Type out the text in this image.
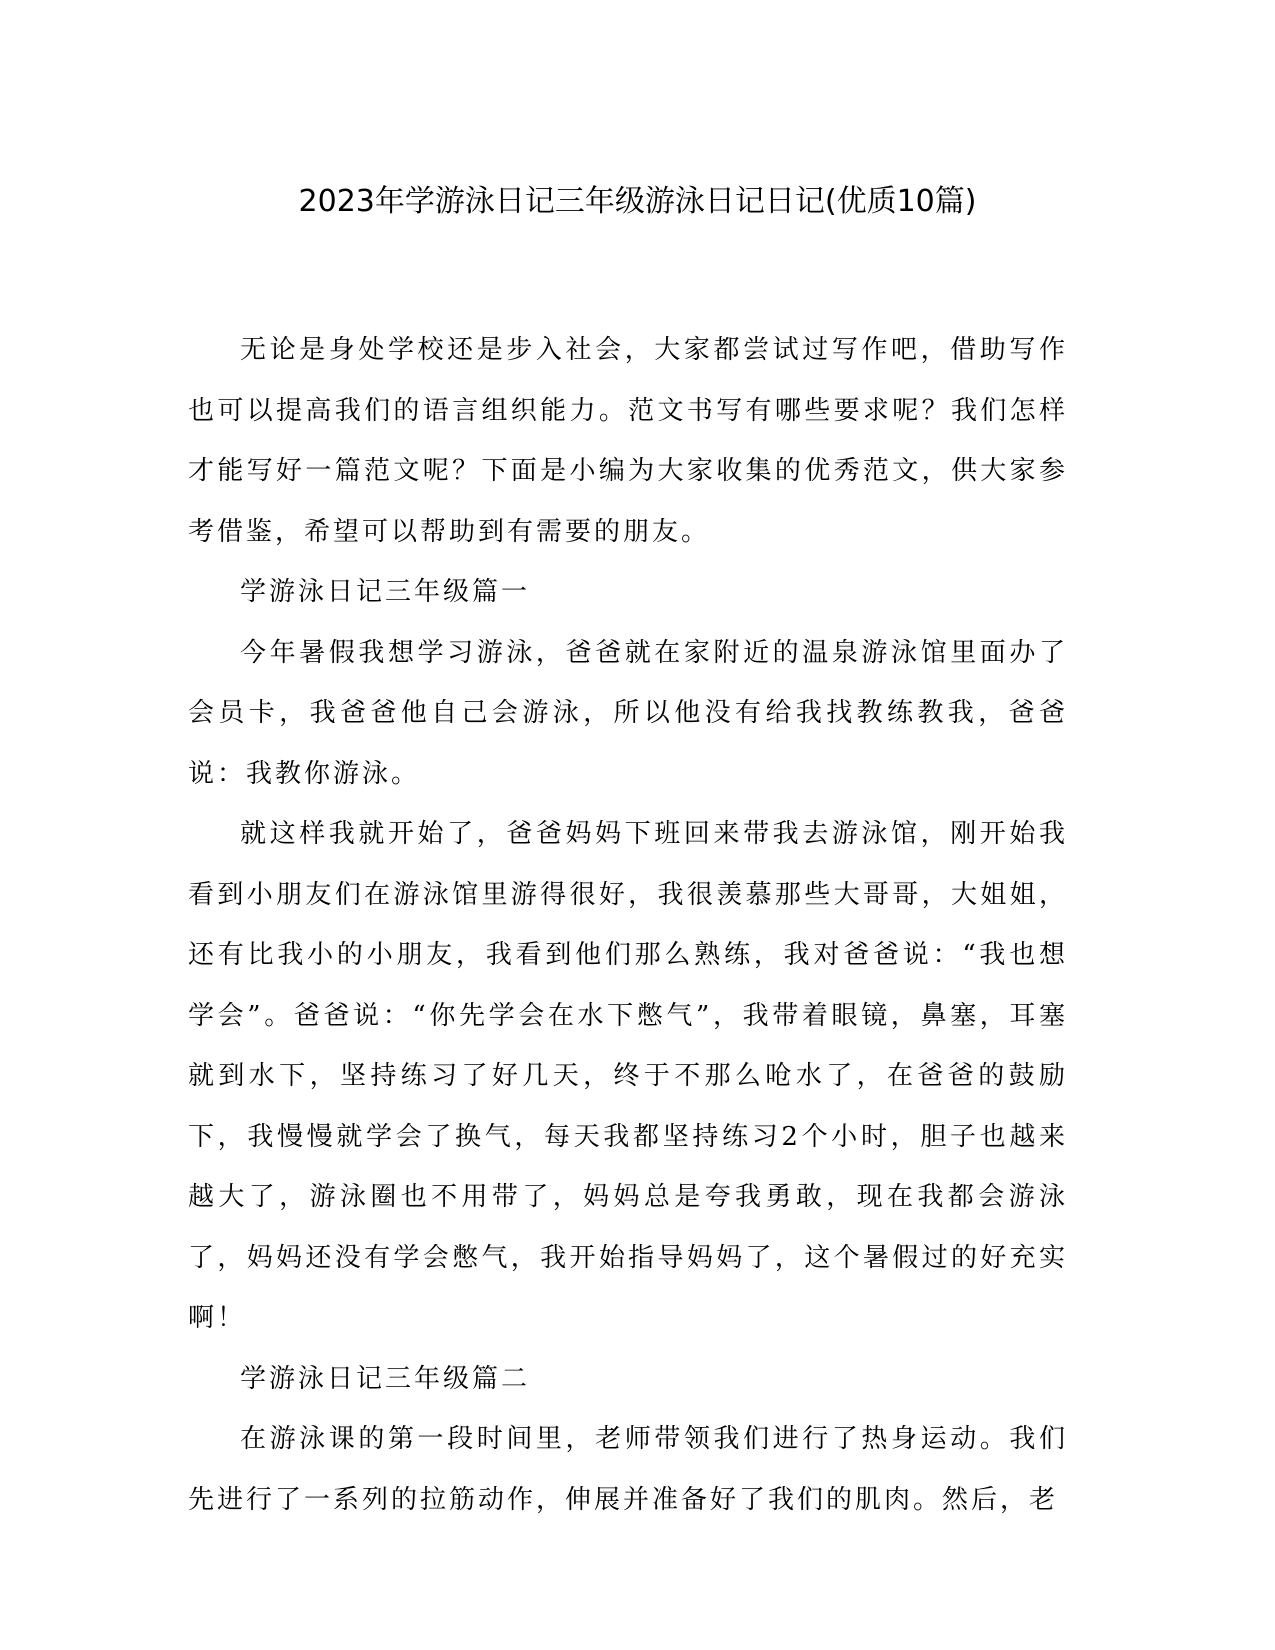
2023年学游泳日记三年级游泳日记日记(优质10篇)

无论是身处学校还是步入社会，大家都尝试过写作吧，借助写作也可以提高我们的语言组织能力。范文书写有哪些要求呢？我们怎样才能写好一篇范文呢？下面是小编为大家收集的优秀范文，供大家参考借鉴，希望可以帮助到有需要的朋友。

学游泳日记三年级篇一

今年暑假我想学习游泳，爸爸就在家附近的温泉游泳馆里面办了会员卡，我爸爸他自己会游泳，所以他没有给我找教练教我，爸爸说：我教你游泳。

就这样我就开始了，爸爸妈妈下班回来带我去游泳馆，刚开始我看到小朋友们在游泳馆里游得很好，我很羡慕那些大哥哥，大姐姐，还有比我小的小朋友，我看到他们那么熟练，我对爸爸说：“我也想学会”。爸爸说：“你先学会在水下憋气”，我带着眼镜，鼻塞，耳塞就到水下，坚持练习了好几天，终于不那么呛水了，在爸爸的鼓励下，我慢慢就学会了换气，每天我都坚持练习2个小时，胆子也越来越大了，游泳圈也不用带了，妈妈总是夸我勇敢，现在我都会游泳了，妈妈还没有学会憋气，我开始指导妈妈了，这个暑假过的好充实啊！

学游泳日记三年级篇二

在游泳课的第一段时间里，老师带领我们进行了热身运动。我们先进行了一系列的拉筋动作，伸展并准备好了我们的肌肉。然后，老
